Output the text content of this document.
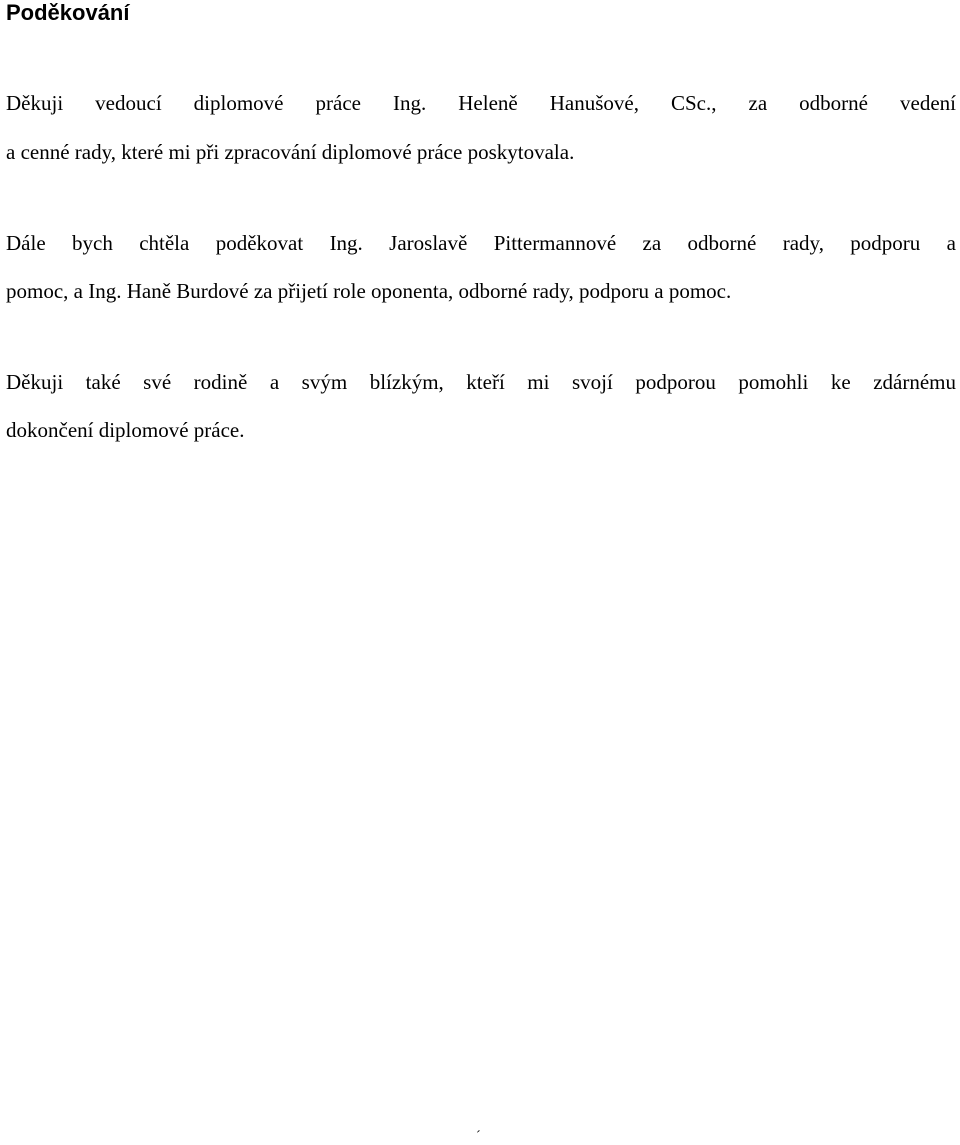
Poděkování

Děkuji vedoucí diplomové práce Ing. Heleně Hanušové, CSc., za odborné vedení

a cenné rady, které mi při zpracování diplomové práce poskytovala.

Dále bych chtěla poděkovat Ing. Jaroslavě Pittermannové za odborné rady, podporu a

pomoc, a Ing. Haně Burdové za přijetí role oponenta, odborné rady, podporu a pomoc.

Děkuji také své rodině a svým blízkým, kteří mi svojí podporou pomohli ke zdárnému

dokončení diplomové práce.

´
